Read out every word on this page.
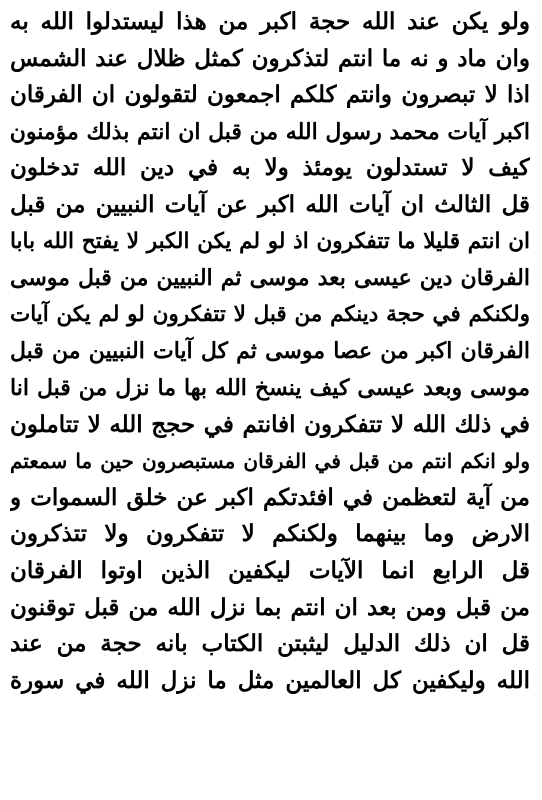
ولو يكن عند الله حجة اكبر من هذا ليستدلوا الله به
وان ماد و نه ما انتم لتذكرون كمثل ظلال عند الشمس
اذا لا تبصرون وانتم كلكم اجمعون لتقولون ان الفرقان
اكبر آيات محمد رسول الله من قبل ان انتم بذلك مؤمنون
كيف لا تستدلون يومئذ ولا به في دين الله تدخلون
قل الثالث ان آيات الله اكبر عن آيات النبيين من قبل
ان انتم قليلا ما تتفكرون اذ لو لم يكن الكبر لا يفتح الله بابا
الفرقان دين عيسى بعد موسى ثم النبيين من قبل موسى
ولكنكم في حجة دينكم من قبل لا تتفكرون لو لم يكن آيات
الفرقان اكبر من عصا موسى ثم كل آيات النبيين من قبل
موسى وبعد عيسى كيف ينسخ الله بها ما نزل من قبل انا
في ذلك الله لا تتفكرون افانتم في حجج الله لا تتاملون
ولو انكم انتم من قبل في الفرقان مستبصرون حين ما سمعتم
من آية لتعظمن في افئدتكم اكبر عن خلق السموات و
الارض وما بينهما ولكنكم لا تتفكرون ولا تتذكرون
قل الرابع انما الآيات ليكفين الذين اوتوا الفرقان
من قبل ومن بعد ان انتم بما نزل الله من قبل توقنون
قل ان ذلك الدليل ليثبتن الكتاب بانه حجة من عند
الله وليكفين كل العالمين مثل ما نزل الله في سورة
